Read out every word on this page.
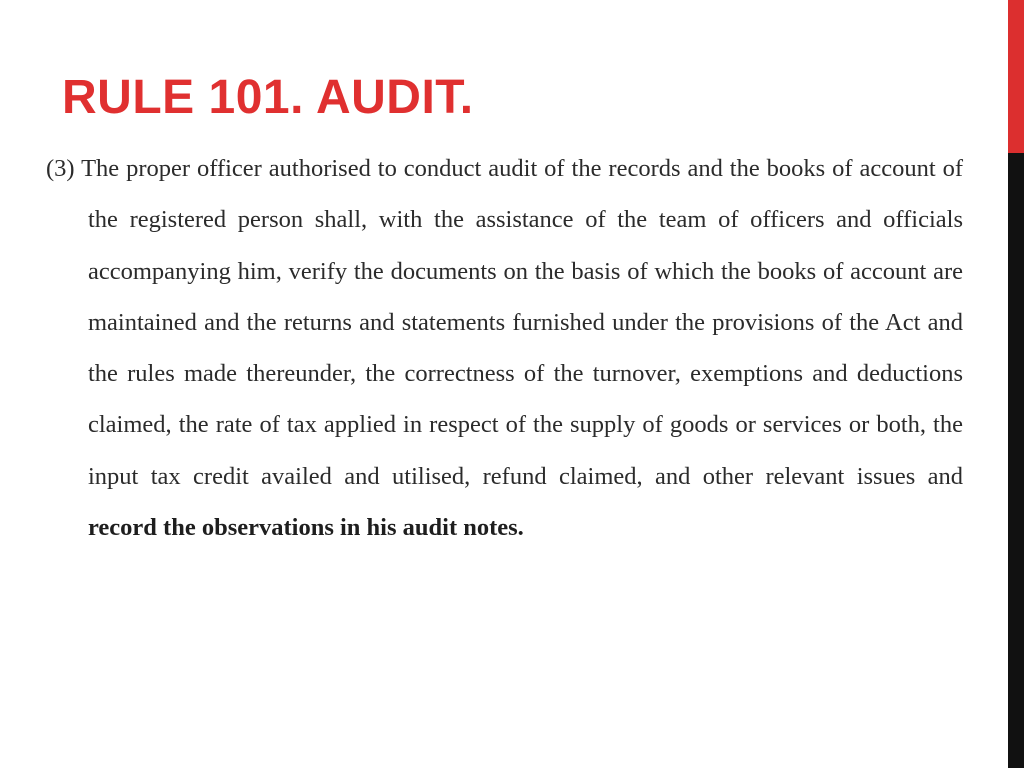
RULE 101. AUDIT.

(3) The proper officer authorised to conduct audit of the records and the books of account of the registered person shall, with the assistance of the team of officers and officials accompanying him, verify the documents on the basis of which the books of account are maintained and the returns and statements furnished under the provisions of the Act and the rules made thereunder, the correctness of the turnover, exemptions and deductions claimed, the rate of tax applied in respect of the supply of goods or services or both, the input tax credit availed and utilised, refund claimed, and other relevant issues and record the observations in his audit notes.
